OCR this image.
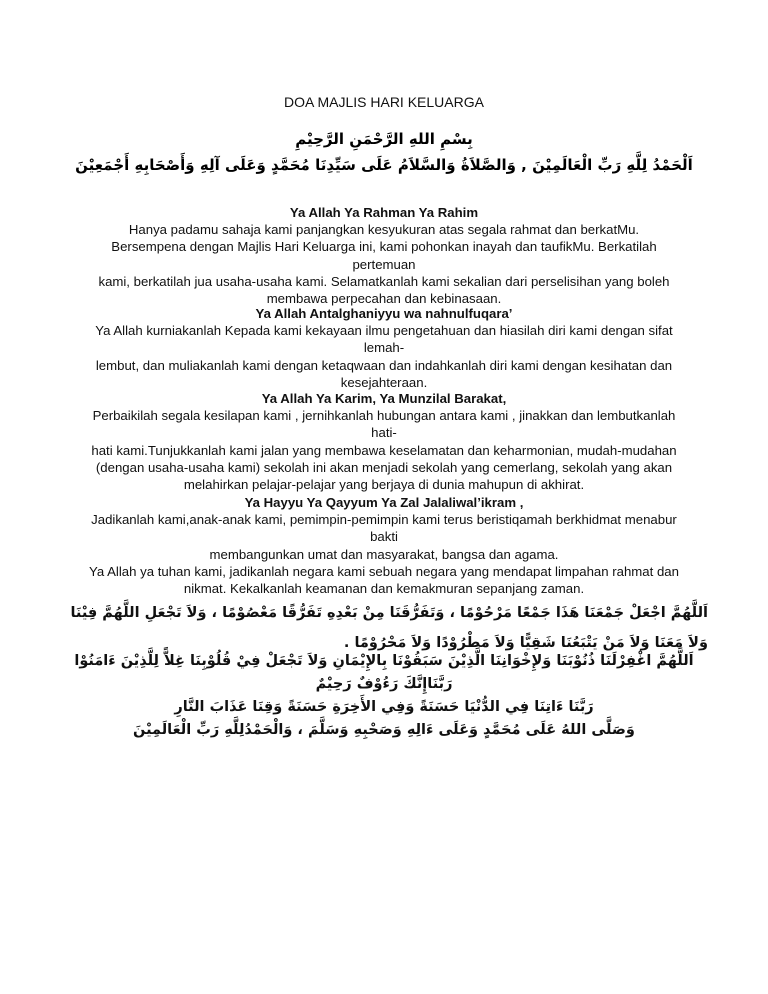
DOA MAJLIS HARI KELUARGA
بِسْمِ اللهِ الرَّحْمَنِ الرَّحِيْمِ
اَلْحَمْدُ لِلَّهِ رَبِّ الْعَالَمِيْنَ , وَالصَّلاَةُ وَالسَّلاَمُ عَلَى سَيِّدِنَا مُحَمَّدٍ وَعَلَى آلِهِ وَأَصْحَابِهِ أَجْمَعِيْنَ
Ya Allah Ya Rahman Ya Rahim
Hanya padamu sahaja kami panjangkan kesyukuran atas segala rahmat dan berkatMu.
Bersempena dengan Majlis Hari Keluarga ini, kami pohonkan inayah dan taufikMu. Berkatilah pertemuan
kami, berkatilah jua usaha-usaha kami. Selamatkanlah kami sekalian dari perselisihan yang boleh
membawa perpecahan dan kebinasaan.
Ya Allah Antalghaniyyu wa nahnulfuqara’
Ya Allah kurniakanlah Kepada kami kekayaan ilmu pengetahuan dan hiasilah diri kami dengan sifat lemah-
lembut, dan muliakanlah kami dengan ketaqwaan dan indahkanlah diri kami dengan kesihatan dan
kesejahteraan.
Ya Allah Ya Karim, Ya Munzilal Barakat,
Perbaikilah segala kesilapan kami , jernihkanlah hubungan antara kami , jinakkan dan lembutkanlah hati-
hati kami.Tunjukkanlah kami jalan yang membawa keselamatan dan keharmonian, mudah-mudahan
(dengan usaha-usaha kami) sekolah ini akan menjadi sekolah yang cemerlang, sekolah yang akan
melahirkan pelajar-pelajar yang berjaya di dunia mahupun di akhirat.
Ya Hayyu Ya Qayyum Ya Zal Jalaliwal’ikram ,
Jadikanlah kami,anak-anak kami, pemimpin-pemimpin kami terus beristiqamah berkhidmat menabur bakti
membangunkan umat dan masyarakat, bangsa dan agama.
Ya Allah ya tuhan kami, jadikanlah negara kami sebuah negara yang mendapat limpahan rahmat dan
nikmat. Kekalkanlah keamanan dan kemakmuran sepanjang zaman.
اَللَّهُمَّ اجْعَلْ جَمْعَنَا هَذَا جَمْعًا مَرْحُوْمًا ، وَتَفَرُّقَنَا مِنْ بَعْدِهِ تَفَرُّقًا مَعْصُوْمًا ، وَلاَ تَجْعَلِ اللَّهُمَّ فِيْنَا وَلاَ مَعَنَا وَلاَ مَنْ يَتْبَعُنَا شَقِيًّا وَلاَ مَطْرُوْدًا وَلاَ مَحْرُوْمًا .
اَللَّهُمَّ اغْفِرْلَنَا ذُنُوْبَنَا وَلإِخْوَانِنَا الَّذِيْنَ سَبَقُوْنَا بِالإِيْمَانِ وَلاَ تَجْعَلْ فِيْ قُلُوْبِنَا غِلاًّ لِلَّذِيْنَ ءَامَنُوْا رَبَّنَاإِنَّكَ رَءُوْفٌ رَحِيْمٌ
رَبَّنَا ءَاتِنَا فِي الدُّنْيَا حَسَنَةً وَفِي الأَخِرَةِ حَسَنَةً وَقِنَا عَذَابَ النَّارِ
وَصَلَّى اللهُ عَلَى مُحَمَّدٍ وَعَلَى ءَالِهِ وَصَحْبِهِ وَسَلَّمَ ، وَالْحَمْدُلِلَّهِ رَبِّ الْعَالَمِيْنَ
